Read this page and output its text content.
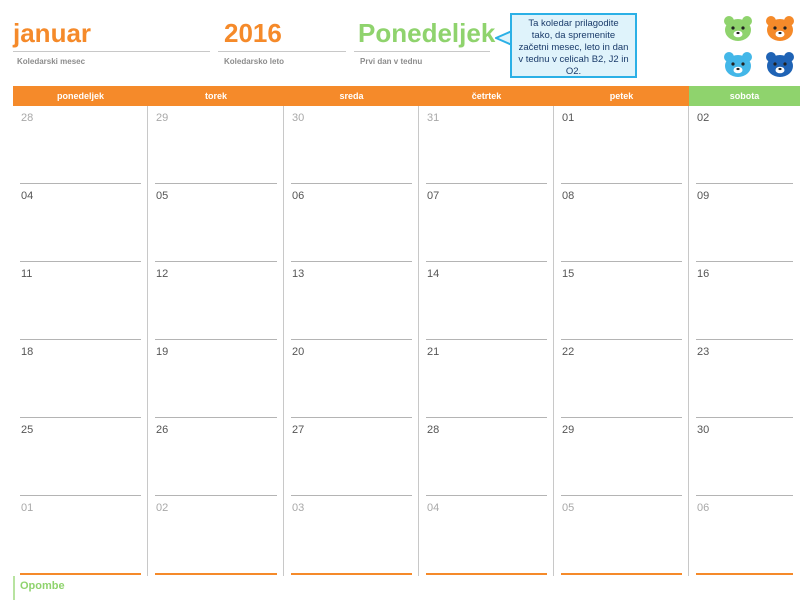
januar
Koledarski mesec
2016
Koledarsko leto
Ponedeljek
Prvi dan v tednu
Ta koledar prilagodite tako, da spremenite začetni mesec, leto in dan v tednu v celicah B2, J2 in O2.
ponedeljek	torek	sreda	četrtek	petek	sobota
28	29	30	31	01	02
04	05	06	07	08	09
11	12	13	14	15	16
18	19	20	21	22	23
25	26	27	28	29	30
01	02	03	04	05	06
Opombe
